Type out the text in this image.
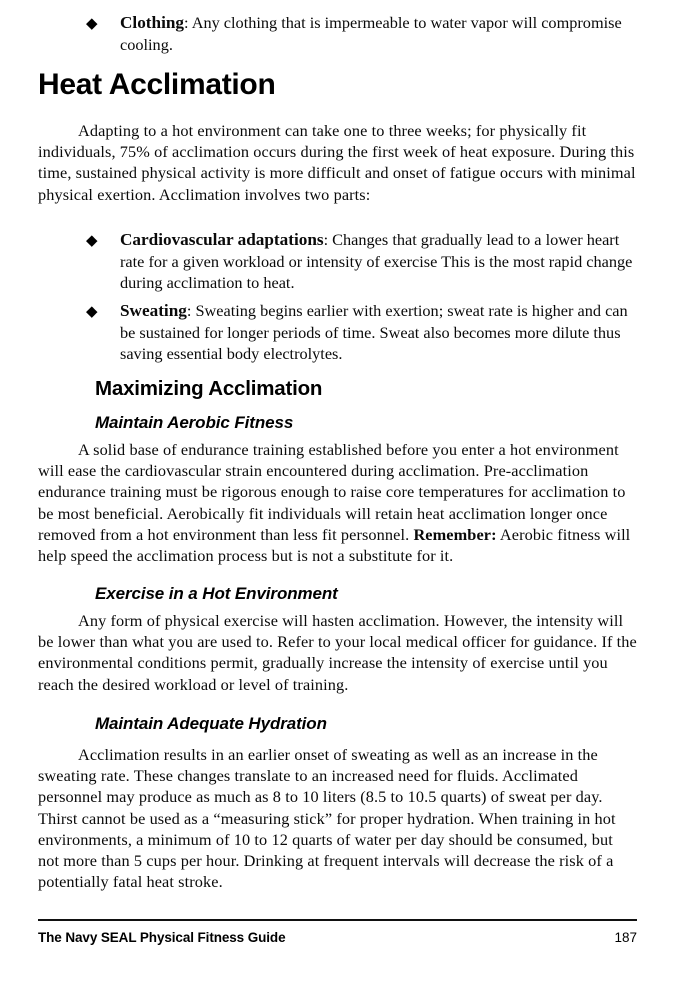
◆	Clothing: Any clothing that is impermeable to water vapor will compromise cooling.
Heat Acclimation
Adapting to a hot environment can take one to three weeks; for physically fit individuals, 75% of acclimation occurs during the first week of heat exposure. During this time, sustained physical activity is more difficult and onset of fatigue occurs with minimal physical exertion. Acclimation involves two parts:
◆	Cardiovascular adaptations: Changes that gradually lead to a lower heart rate for a given workload or intensity of exercise This is the most rapid change during acclimation to heat.
◆	Sweating: Sweating begins earlier with exertion; sweat rate is higher and can be sustained for longer periods of time. Sweat also becomes more dilute thus saving essential body electrolytes.
Maximizing Acclimation
Maintain Aerobic Fitness
A solid base of endurance training established before you enter a hot environment will ease the cardiovascular strain encountered during acclimation. Pre-acclimation endurance training must be rigorous enough to raise core temperatures for acclimation to be most beneficial. Aerobically fit individuals will retain heat acclimation longer once removed from a hot environment than less fit personnel. Remember: Aerobic fitness will help speed the acclimation process but is not a substitute for it.
Exercise in a Hot Environment
Any form of physical exercise will hasten acclimation. However, the intensity will be lower than what you are used to. Refer to your local medical officer for guidance. If the environmental conditions permit, gradually increase the intensity of exercise until you reach the desired workload or level of training.
Maintain Adequate Hydration
Acclimation results in an earlier onset of sweating as well as an increase in the sweating rate. These changes translate to an increased need for fluids. Acclimated personnel may produce as much as 8 to 10 liters (8.5 to 10.5 quarts) of sweat per day. Thirst cannot be used as a “measuring stick” for proper hydration. When training in hot environments, a minimum of 10 to 12 quarts of water per day should be consumed, but not more than 5 cups per hour. Drinking at frequent intervals will decrease the risk of a potentially fatal heat stroke.
The Navy SEAL Physical Fitness Guide	187
